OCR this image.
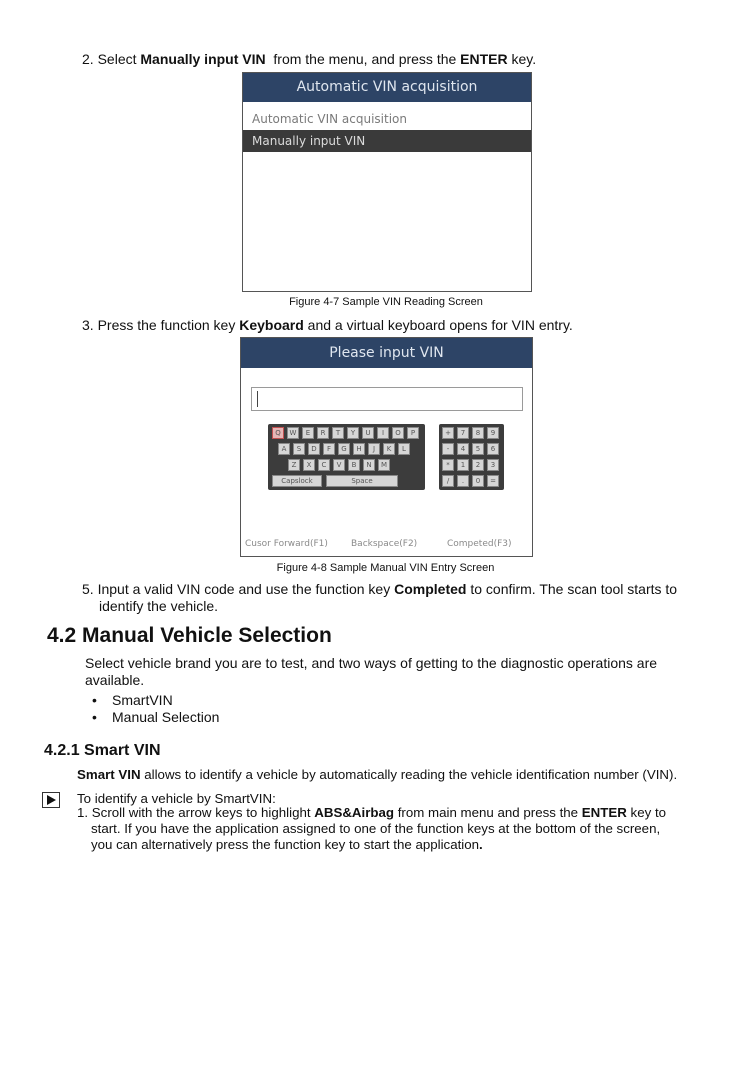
2. Select Manually input VIN  from the menu, and press the ENTER key.
Automatic VIN acquisition
Automatic VIN acquisition
Manually input VIN
Figure 4-7 Sample VIN Reading Screen
3. Press the function key Keyboard and a virtual keyboard opens for VIN entry.
Please input VIN
Q	W	E	R	T	Y	U	I	O	P
A	S	D	F	G	H	J	K	L
Z	X	C	V	B	N	M
Capslock	Space
+	7	8	9
-	4	5	6
*	1	2	3
/	.	0	=
Cusor Forward(F1)	Backspace(F2)	Competed(F3)
Figure 4-8 Sample Manual VIN Entry Screen
5. Input a valid VIN code and use the function key Completed to confirm. The scan tool starts to
identify the vehicle.
4.2 Manual Vehicle Selection
Select vehicle brand you are to test, and two ways of getting to the diagnostic operations are
available.
• SmartVIN
• Manual Selection
4.2.1 Smart VIN
Smart VIN allows to identify a vehicle by automatically reading the vehicle identification number (VIN).
To identify a vehicle by SmartVIN:
1. Scroll with the arrow keys to highlight ABS&Airbag from main menu and press the ENTER key to
start. If you have the application assigned to one of the function keys at the bottom of the screen,
you can alternatively press the function key to start the application.
